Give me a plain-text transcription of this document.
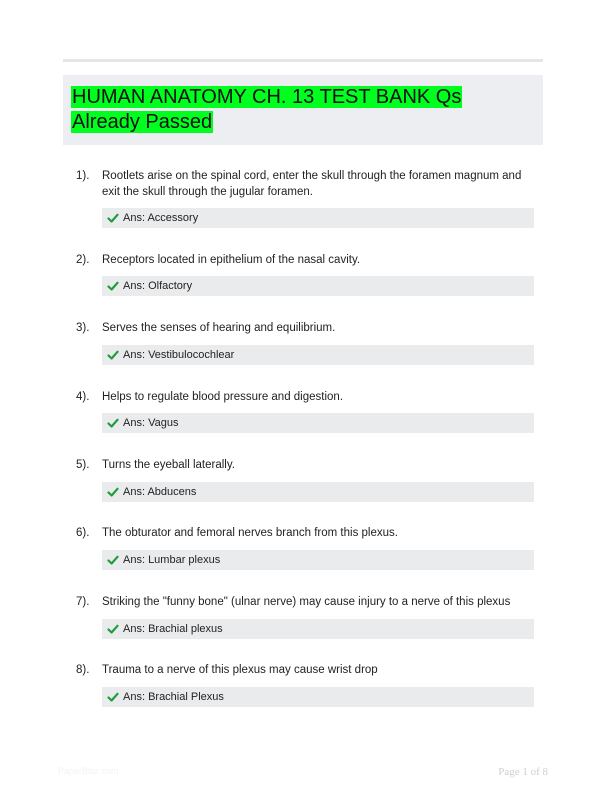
HUMAN ANATOMY CH. 13 TEST BANK Qs
Already Passed
1). Rootlets arise on the spinal cord, enter the skull through the foramen magnum and exit the skull through the jugular foramen.
Ans: Accessory
2). Receptors located in epithelium of the nasal cavity.
Ans: Olfactory
3). Serves the senses of hearing and equilibrium.
Ans: Vestibulocochlear
4). Helps to regulate blood pressure and digestion.
Ans: Vagus
5). Turns the eyeball laterally.
Ans: Abducens
6). The obturator and femoral nerves branch from this plexus.
Ans: Lumbar plexus
7). Striking the "funny bone" (ulnar nerve) may cause injury to a nerve of this plexus
Ans: Brachial plexus
8). Trauma to a nerve of this plexus may cause wrist drop
Ans: Brachial Plexus
PaperBlitz.com	Page 1 of 8
